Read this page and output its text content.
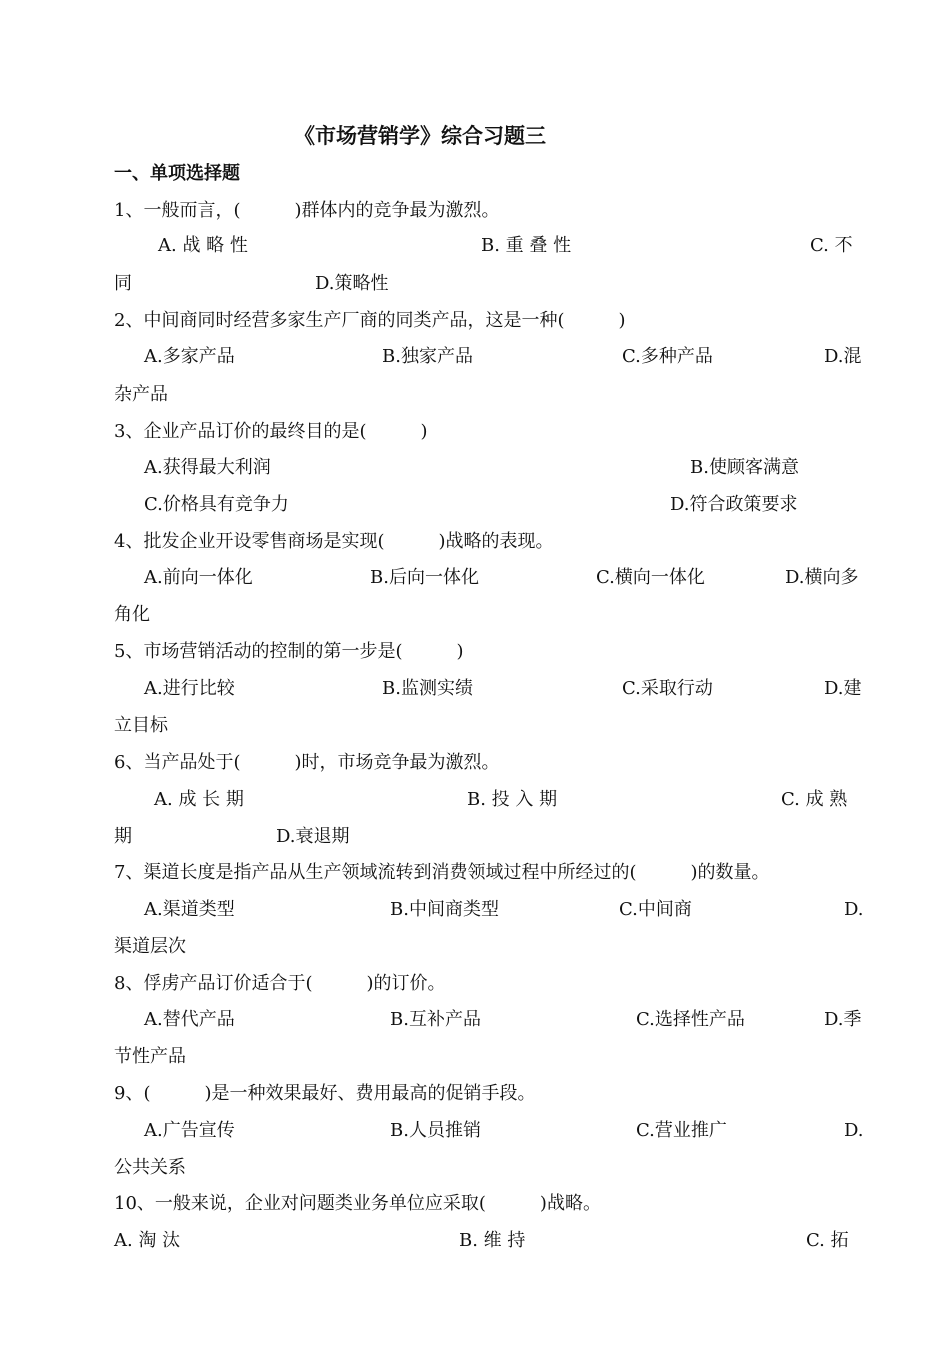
《市场营销学》综合习题三
一、单项选择题
1、一般而言，(　　　)群体内的竞争最为激烈。
A. 战 略 性	B. 重 叠 性	C. 不
同	D.策略性
2、中间商同时经营多家生产厂商的同类产品，这是一种(　　　)
A.多家产品	B.独家产品	C.多种产品	D.混
杂产品
3、企业产品订价的最终目的是(　　　)
A.获得最大利润	B.使顾客满意
C.价格具有竞争力	D.符合政策要求
4、批发企业开设零售商场是实现(　　　)战略的表现。
A.前向一体化	B.后向一体化	C.横向一体化	D.横向多
角化
5、市场营销活动的控制的第一步是(　　　)
A.进行比较	B.监测实绩	C.采取行动	D.建
立目标
6、当产品处于(　　　)时，市场竞争最为激烈。
A. 成 长 期	B. 投 入 期	C. 成 熟
期	D.衰退期
7、渠道长度是指产品从生产领域流转到消费领域过程中所经过的(　　　)的数量。
A.渠道类型	B.中间商类型	C.中间商	D.
渠道层次
8、俘虏产品订价适合于(　　　)的订价。
A.替代产品	B.互补产品	C.选择性产品	D.季
节性产品
9、(　　　)是一种效果最好、费用最高的促销手段。
A.广告宣传	B.人员推销	C.营业推广	D.
公共关系
10、一般来说，企业对问题类业务单位应采取(　　　)战略。
A. 淘 汰	B. 维 持	C. 拓
